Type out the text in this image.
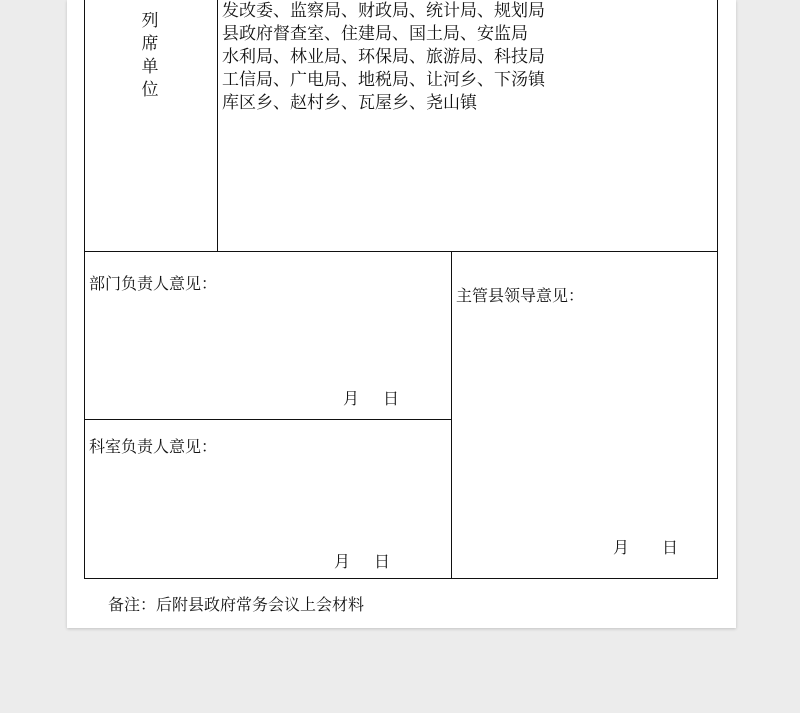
列
席
单
位
发改委、监察局、财政局、统计局、规划局
县政府督查室、住建局、国土局、安监局
水利局、林业局、环保局、旅游局、科技局
工信局、广电局、地税局、让河乡、下汤镇
库区乡、赵村乡、瓦屋乡、尧山镇
部门负责人意见：
月 日
科室负责人意见：
月 日
主管县领导意见：
月 日
备注：后附县政府常务会议上会材料
